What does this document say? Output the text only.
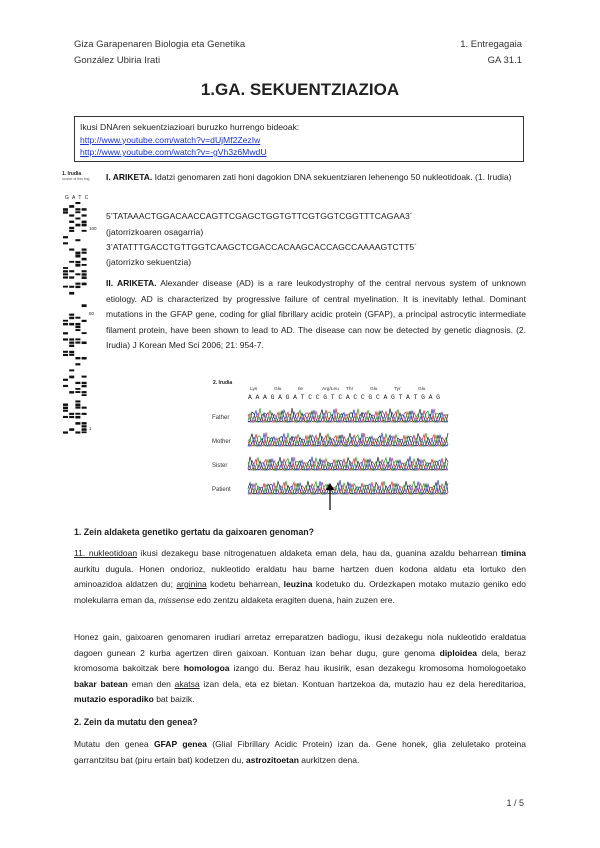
Giza Garapenaren Biologia eta Genetika
González Ubiria Irati
1. Entregagaia
GA 31.1
1.GA. SEKUENTZIAZIOA
Ikusi DNAren sekuentziazioari buruzko hurrengo bideoak:
http://www.youtube.com/watch?v=dUjMf2ZezIw
http://www.youtube.com/watch?v=-gVh3z6MwdU
1. Irudia
source of this img
G A T C
100
50
1
I. ARIKETA. Idatzi genomaren zati honi dagokion DNA sekuentziaren lehenengo 50 nukleotidoak. (1. Irudia)
5’TATAAACTGGACAACCAGTTCGAGCTGGTGTTCGTGGTCGGTTTCAGAA3´
(jatorrizkoaren osagarria)
3’ATATTTGACCTGTTGGTCAAGCTCGACCACAAGCACCAGCCAAAAGTCTT5´
(jatorrizko sekuentzia)
II. ARIKETA. Alexander disease (AD) is a rare leukodystrophy of the central nervous system of unknown etiology. AD is characterized by progressive failure of central myelination. It is inevitably lethal. Dominant mutations in the GFAP gene, coding for glial fibrillary acidic protein (GFAP), a principal astrocytic intermediate filament protein, have been shown to lead to AD. The disease can now be detected by genetic diagnosis. (2. Irudia) J Korean Med Sci 2006; 21: 954-7.
2. Irudia
Lys	Glu	Ile	Arg/Leu Thr	Glu	Tyr	Glu
A A A G A G A T C C G T C A C C G C A G T A T G A G
Father
Mother
Sister
Patient
1. Zein aldaketa genetiko gertatu da gaixoaren genoman?
11. nukleotidoan ikusi dezakegu base nitrogenatuen aldaketa eman dela, hau da, guanina azaldu beharrean timina aurkitu dugula. Honen ondorioz, nukleotido eraldatu hau barne hartzen duen kodona aldatu eta lortuko den aminoazidoa aldatzen du; arginina kodetu beharrean, leuzina kodetuko du. Ordezkapen motako mutazio geniko edo molekularra eman da, missense edo zentzu aldaketa eragiten duena, hain zuzen ere.
Honez gain, gaixoaren genomaren irudiari arretaz erreparatzen badiogu, ikusi dezakegu nola nukleotido eraldatua dagoen gunean 2 kurba agertzen diren gaixoan. Kontuan izan behar dugu, gure genoma diploidea dela, beraz kromosoma bakoitzak bere homologoa izango du. Beraz hau ikusirik, esan dezakegu kromosoma homologoetako bakar batean eman den akatsa izan dela, eta ez bietan. Kontuan hartzekoa da, mutazio hau ez dela hereditarioa, mutazio esporadiko bat baizik.
2. Zein da mutatu den genea?
Mutatu den genea GFAP genea (Glial Fibrillary Acidic Protein) izan da. Gene honek, glia zeluletako proteina garrantzitsu bat (piru ertain bat) kodetzen du, astrozitoetan aurkitzen dena.
1 / 5
